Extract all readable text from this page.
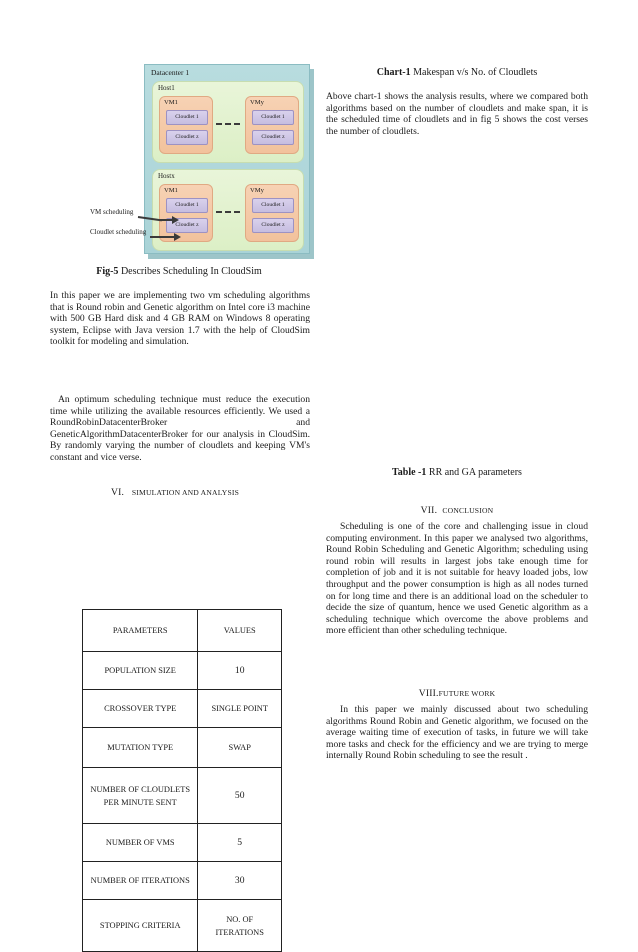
Datacenter 1
Host1
VM1
Cloudlet 1
Cloudlet z
VMy
Cloudlet 1
Cloudlet z
Hostx
VM1
Cloudlet 1
Cloudlet z
VMy
Cloudlet 1
Cloudlet z
VM scheduling
Cloudlet scheduling
Fig-5 Describes Scheduling In CloudSim

In this paper we are implementing two vm scheduling algorithms that is Round robin and Genetic algorithm on Intel core i3 machine with 500 GB Hard disk and 4 GB RAM on Windows 8 operating system, Eclipse with Java version 1.7 with the help of CloudSim toolkit for modeling and simulation.

An optimum scheduling technique must reduce the execution time while utilizing the available resources efficiently. We used a RoundRobinDatacenterBroker and GeneticAlgorithmDatacenterBroker for our analysis in CloudSim. By randomly varying the number of cloudlets and keeping VM's constant and vice verse.

VI. SIMULATION AND ANALYSIS
PARAMETERS	VALUES
POPULATION SIZE	10
CROSSOVER TYPE	SINGLE POINT
MUTATION TYPE	SWAP

NUMBER OF CLOUDLETS
PER MINUTE SENT	50
NUMBER OF VMS	5
NUMBER OF ITERATIONS	30
STOPPING CRITERIA	NO. OF
ITERATIONS
Chart-1 Makespan v/s No. of Cloudlets

Above chart-1 shows the analysis results, where we compared both algorithms based on the number of cloudlets and make span, it is the scheduled time of cloudlets and in fig 5 shows the cost verses the number of cloudlets.

Table -1 RR and GA parameters
VII. CONCLUSION

Scheduling is one of the core and challenging issue in cloud computing environment. In this paper we analysed two algorithms, Round Robin Scheduling and Genetic Algorithm; scheduling using round robin will results in largest jobs take enough time for completion of job and it is not suitable for heavy loaded jobs, low throughput and the power consumption is high as all nodes turned on for long time and there is an additional load on the scheduler to decide the size of quantum, hence we used Genetic algorithm as a scheduling technique which overcome the above problems and more efficient than other scheduling technique.

VIII.FUTURE WORK

In this paper we mainly discussed about two scheduling algorithms Round Robin and Genetic algorithm, we focused on the average waiting time of execution of tasks, in future we will take more tasks and check for the efficiency and we are trying to merge internally Round Robin scheduling to see the result .
